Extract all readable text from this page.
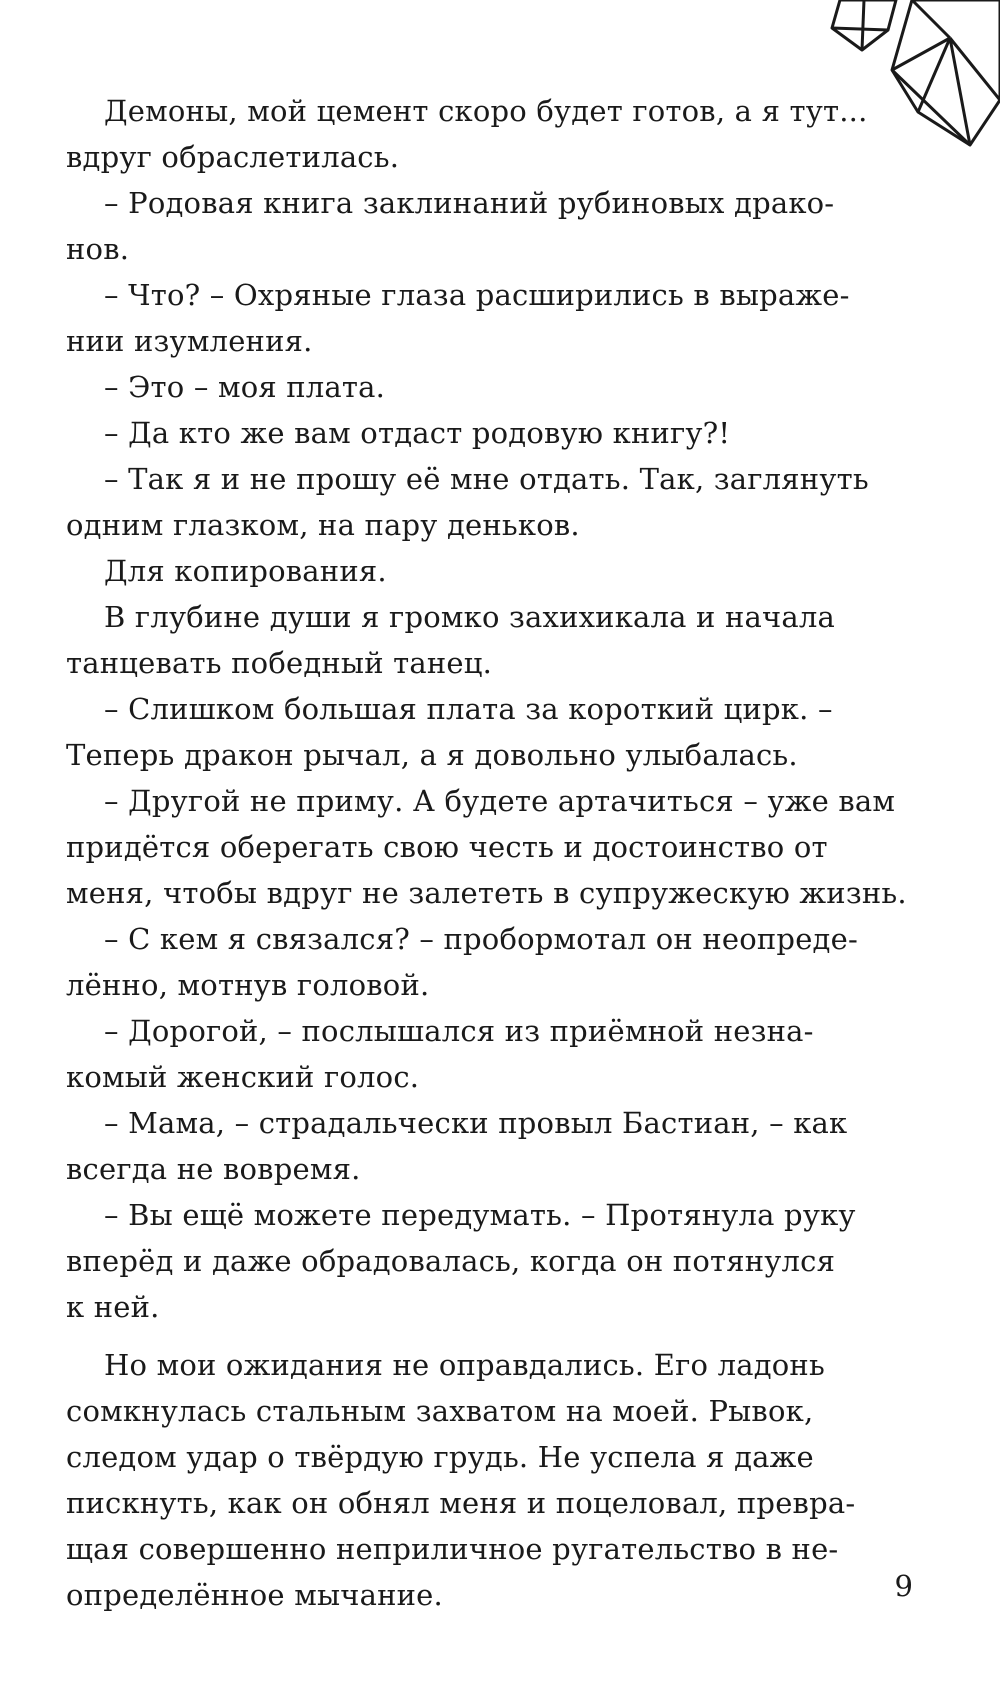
Демоны, мой цемент скоро будет готов, а я тут...
вдруг обраслетилась.
– Родовая книга заклинаний рубиновых драко-
нов.
– Что? – Охряные глаза расширились в выраже-
нии изумления.
– Это – моя плата.
– Да кто же вам отдаст родовую книгу?!
– Так я и не прошу её мне отдать. Так, заглянуть
одним глазком, на пару деньков.
Для копирования.
В глубине души я громко захихикала и начала
танцевать победный танец.
– Слишком большая плата за короткий цирк. –
Теперь дракон рычал, а я довольно улыбалась.
– Другой не приму. А будете артачиться – уже вам
придётся оберегать свою честь и достоинство от
меня, чтобы вдруг не залететь в супружескую жизнь.
– С кем я связался? – пробормотал он неопреде-
лённо, мотнув головой.
– Дорогой, – послышался из приёмной незна-
комый женский голос.
– Мама, – страдальчески провыл Бастиан, – как
всегда не вовремя.
– Вы ещё можете передумать. – Протянула руку
вперёд и даже обрадовалась, когда он потянулся
к ней.
Но мои ожидания не оправдались. Его ладонь
сомкнулась стальным захватом на моей. Рывок,
следом удар о твёрдую грудь. Не успела я даже
пискнуть, как он обнял меня и поцеловал, превра-
щая совершенно неприличное ругательство в не-
определённое мычание.	9
